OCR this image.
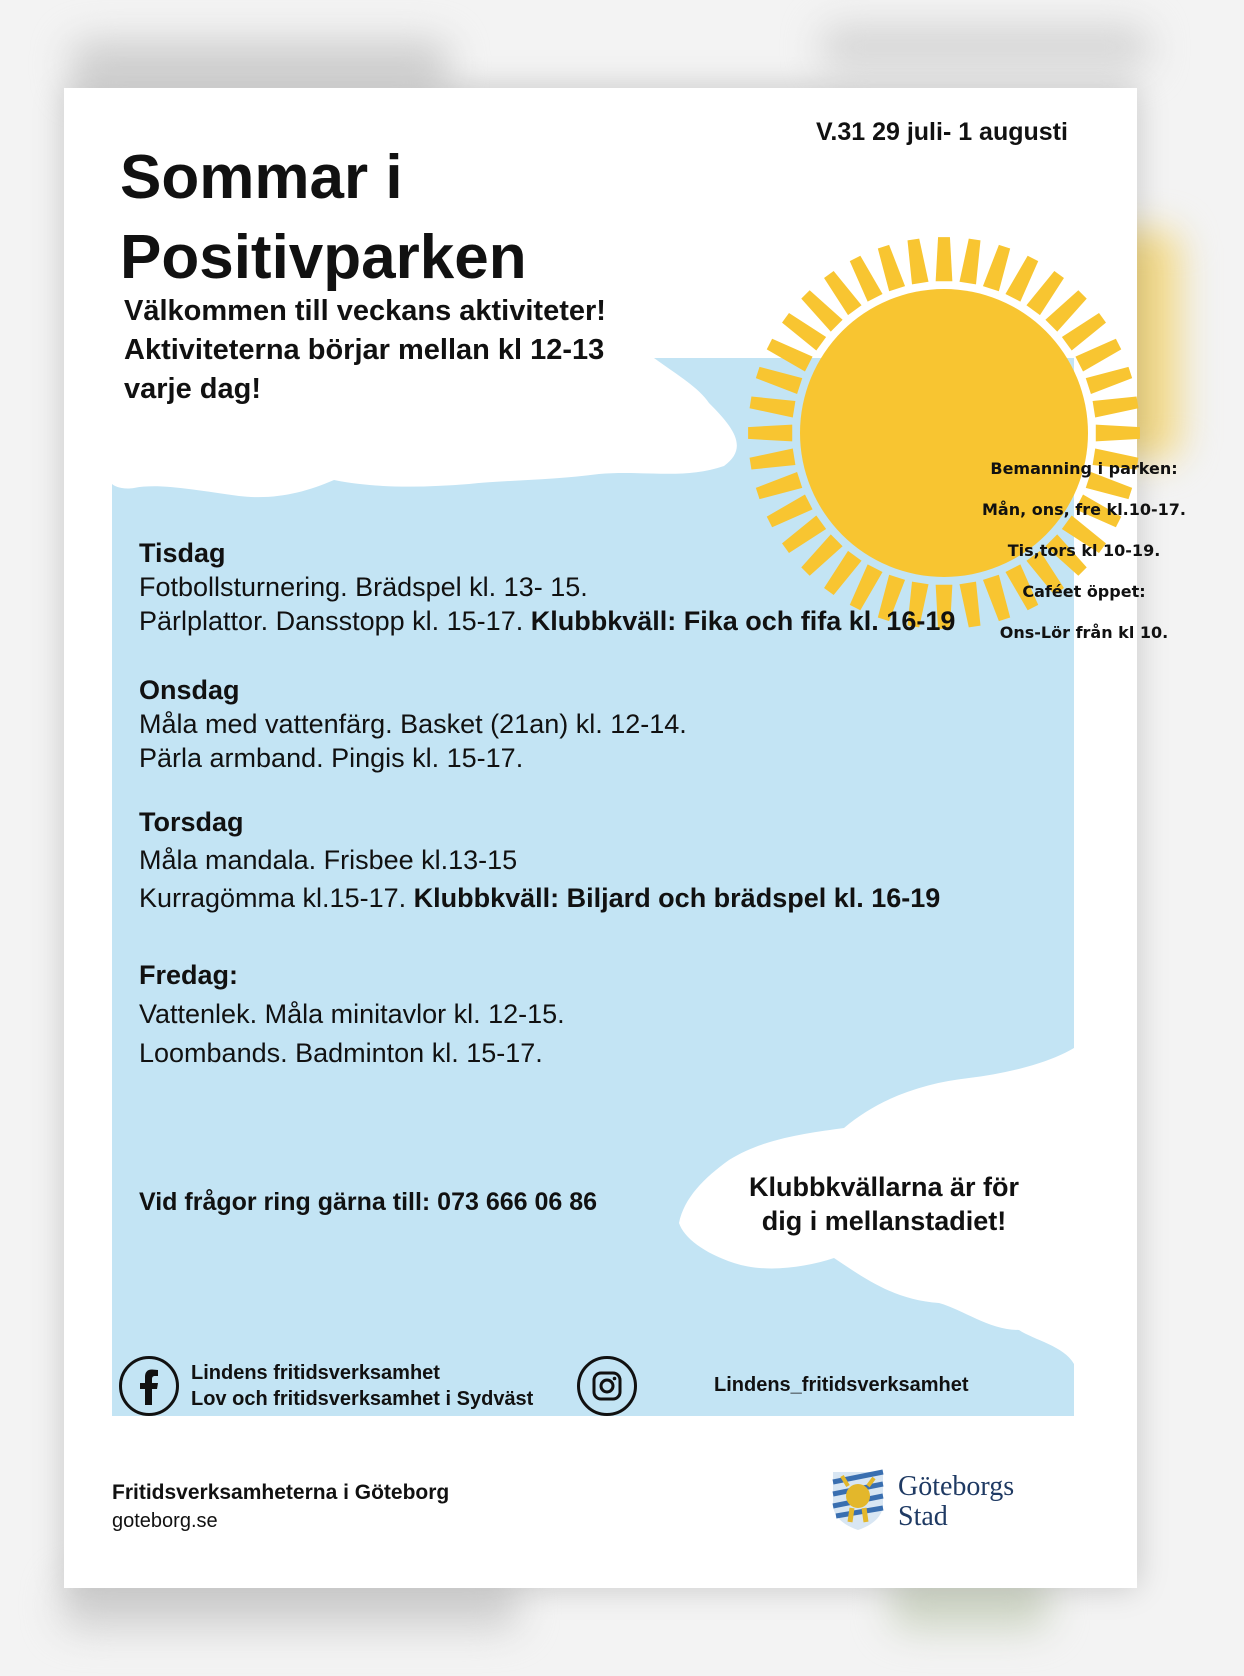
V.31 29 juli- 1 augusti

Sommar i
Positivparken
Välkommen till veckans aktiviteter!
Aktiviteterna börjar mellan kl 12-13
varje dag!
Bemanning i parken:
Mån, ons, fre kl.10-17.
Tis,tors kl 10-19.
Caféet öppet:
Ons-Lör från kl 10.
Tisdag
Fotbollsturnering. Brädspel kl. 13- 15.
Pärlplattor. Dansstopp kl. 15-17. Klubbkväll: Fika och fifa kl. 16-19
Onsdag
Måla med vattenfärg. Basket (21an) kl. 12-14.
Pärla armband. Pingis kl. 15-17.
Torsdag
Måla mandala. Frisbee kl.13-15
Kurragömma kl.15-17. Klubbkväll: Biljard och brädspel kl. 16-19
Fredag:
Vattenlek. Måla minitavlor kl. 12-15.
Loombands. Badminton kl. 15-17.

Vid frågor ring gärna till: 073 666 06 86	Klubbkvällarna är för
dig i mellanstadiet!
Lindens fritidsverksamhet
Lov och fritidsverksamhet i Sydväst
Lindens_fritidsverksamhet

Fritidsverksamheterna i Göteborg

goteborg.se

Göteborgs
Stad
